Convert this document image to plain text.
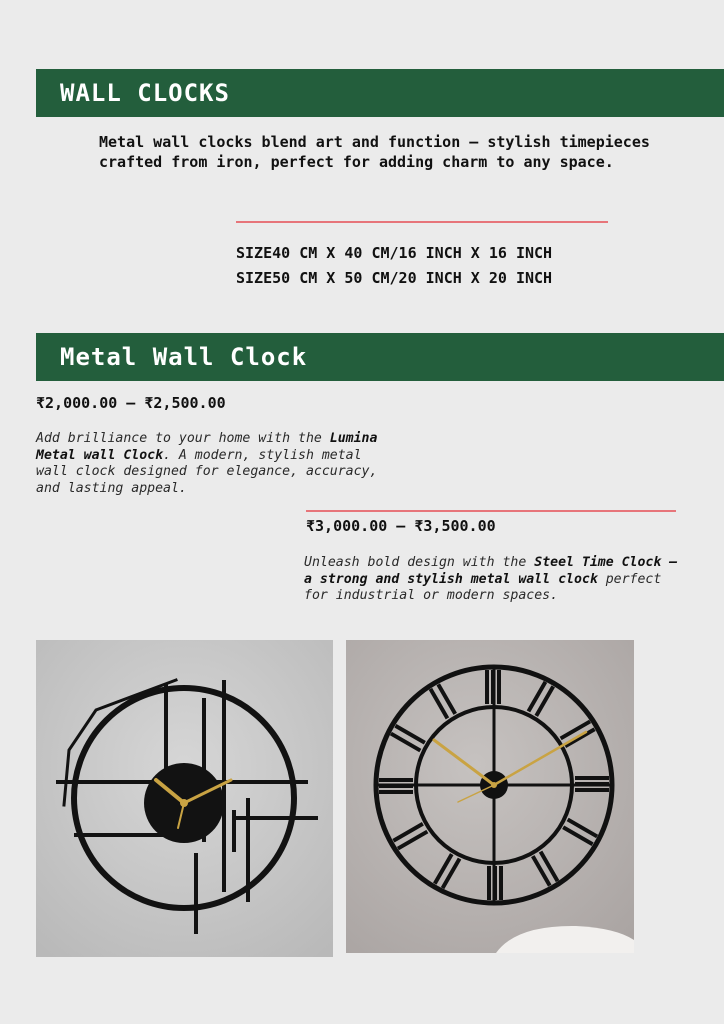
WALL CLOCKS
Metal wall clocks blend art and function — stylish timepieces crafted from iron, perfect for adding charm to any space.
SIZE40 CM X 40 CM/16 INCH X 16 INCH
SIZE50 CM X 50 CM/20 INCH X 20 INCH
Metal Wall Clock
₹2,000.00 – ₹2,500.00
Add brilliance to your home with the Lumina Metal wall Clock. A modern, stylish metal wall clock designed for elegance, accuracy, and lasting appeal.
₹3,000.00 – ₹3,500.00
Unleash bold design with the Steel Time Clock – a strong and stylish metal wall clock perfect for industrial or modern spaces.
